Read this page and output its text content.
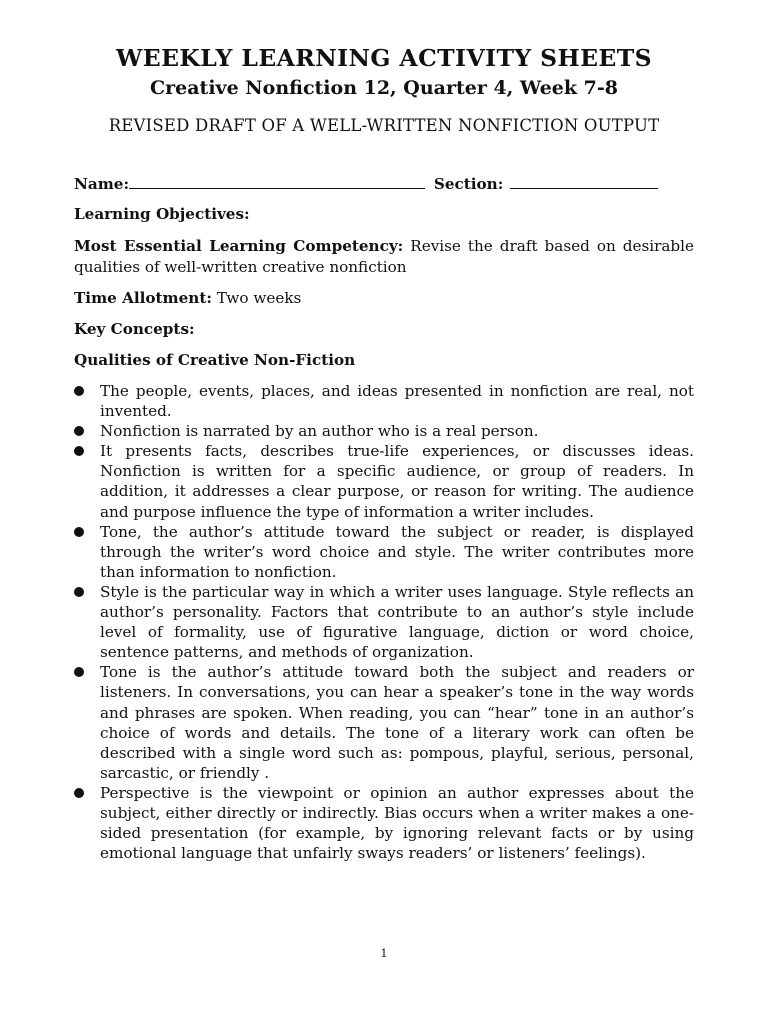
WEEKLY LEARNING ACTIVITY SHEETS
Creative Nonfiction 12, Quarter 4, Week 7-8
REVISED DRAFT OF A WELL-WRITTEN NONFICTION OUTPUT
Name:	Section:
Learning Objectives:
Most Essential Learning Competency: Revise the draft based on desirable qualities of well-written creative nonfiction
Time Allotment: Two weeks
Key Concepts:
Qualities of Creative Non-Fiction
The people, events, places, and ideas presented in nonfiction are real, not invented.
Nonfiction is narrated by an author who is a real person.
It presents facts, describes true-life experiences, or discusses ideas. Nonfiction is written for a specific audience, or group of readers. In addition, it addresses a clear purpose, or reason for writing. The audience and purpose influence the type of information a writer includes.
Tone, the author’s attitude toward the subject or reader, is displayed through the writer’s word choice and style. The writer contributes more than information to nonfiction.
Style is the particular way in which a writer uses language. Style reflects an author’s personality. Factors that contribute to an author’s style include level of formality, use of figurative language, diction or word choice, sentence patterns, and methods of organization.
Tone is the author’s attitude toward both the subject and readers or listeners. In conversations, you can hear a speaker’s tone in the way words and phrases are spoken. When reading, you can “hear” tone in an author’s choice of words and details. The tone of a literary work can often be described with a single word such as: pompous, playful, serious, personal, sarcastic, or friendly .
Perspective is the viewpoint or opinion an author expresses about the subject, either directly or indirectly. Bias occurs when a writer makes a one-sided presentation (for example, by ignoring relevant facts or by using emotional language that unfairly sways readers’ or listeners’ feelings).
1
